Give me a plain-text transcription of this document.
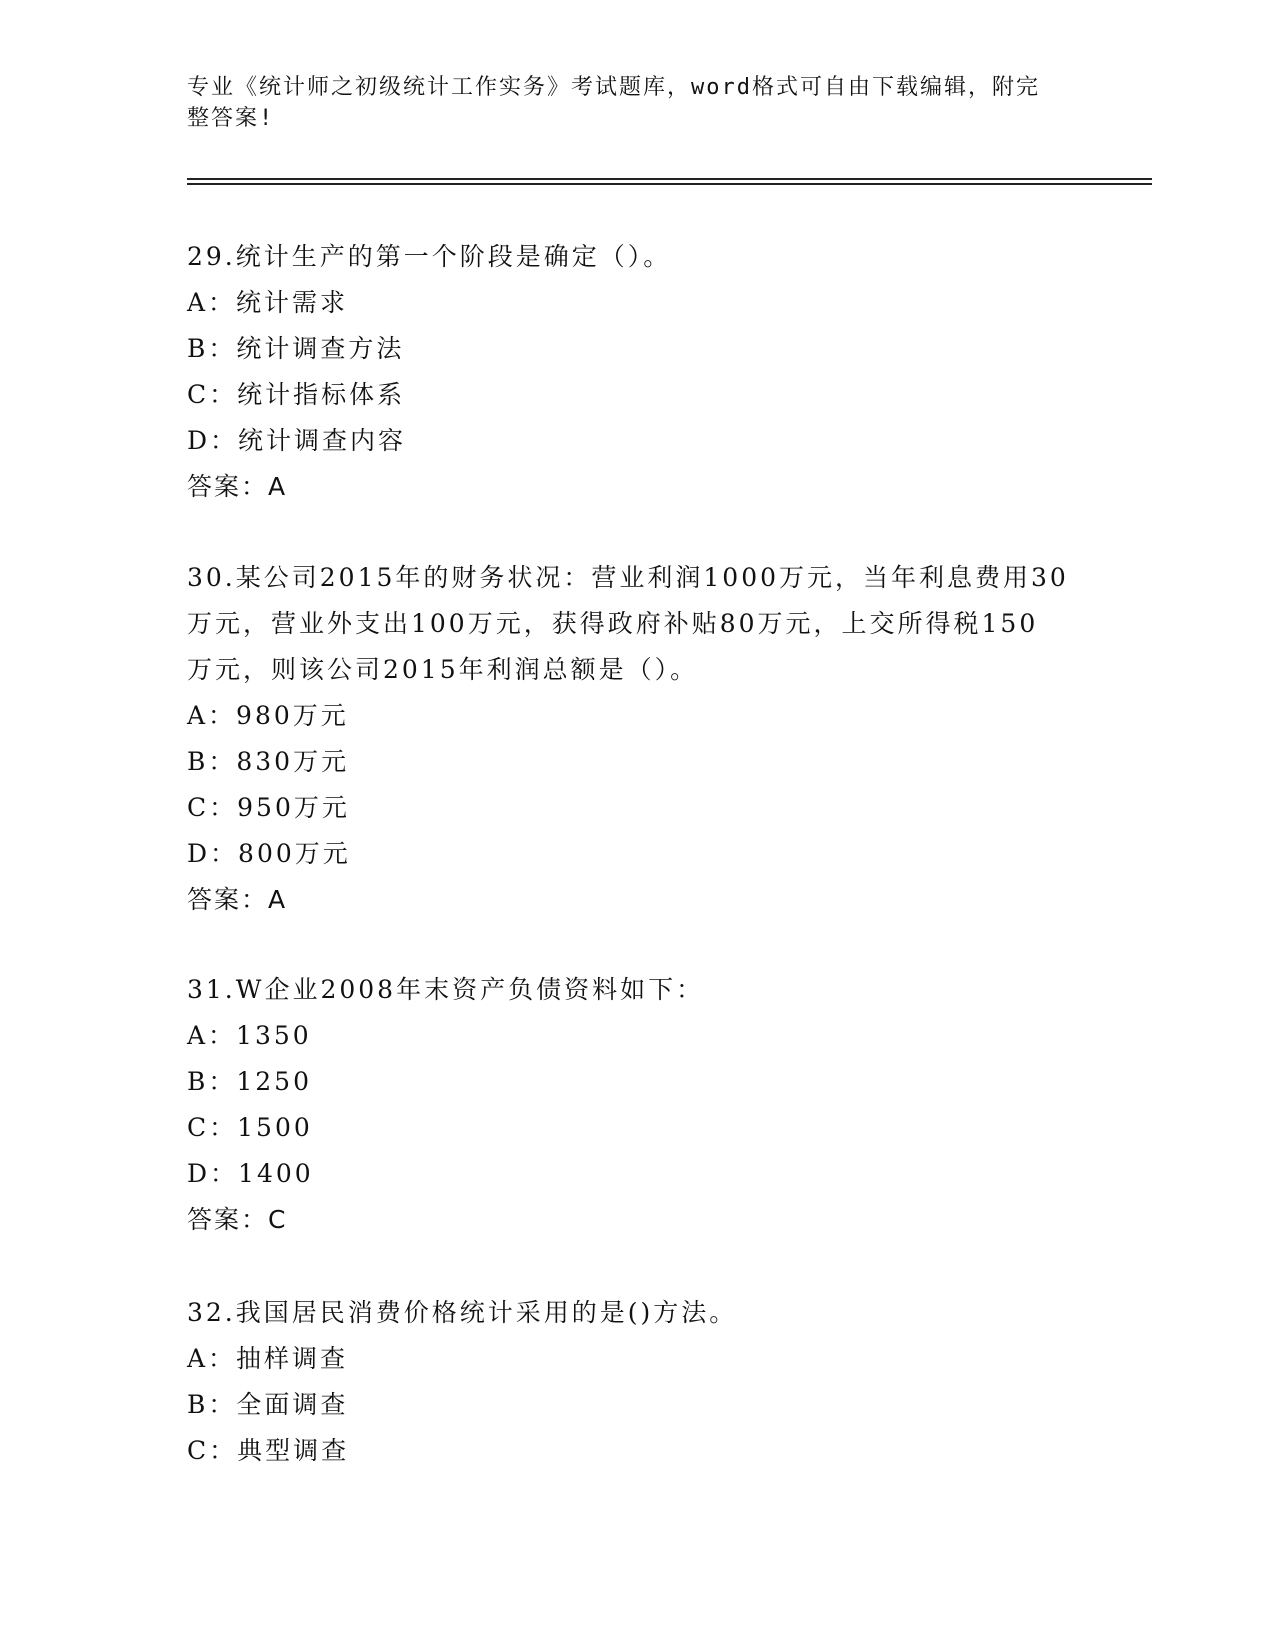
专业《统计师之初级统计工作实务》考试题库，word格式可自由下载编辑，附完
整答案!
29.统计生产的第一个阶段是确定（）。
A：统计需求
B：统计调查方法
C：统计指标体系
D：统计调查内容
答案：A
30.某公司2015年的财务状况：营业利润1000万元，当年利息费用30
万元，营业外支出100万元，获得政府补贴80万元，上交所得税150
万元，则该公司2015年利润总额是（）。
A：980万元
B：830万元
C：950万元
D：800万元
答案：A
31.W企业2008年末资产负债资料如下：
A：1350
B：1250
C：1500
D：1400
答案：C
32.我国居民消费价格统计采用的是()方法。
A：抽样调查
B：全面调查
C：典型调查
